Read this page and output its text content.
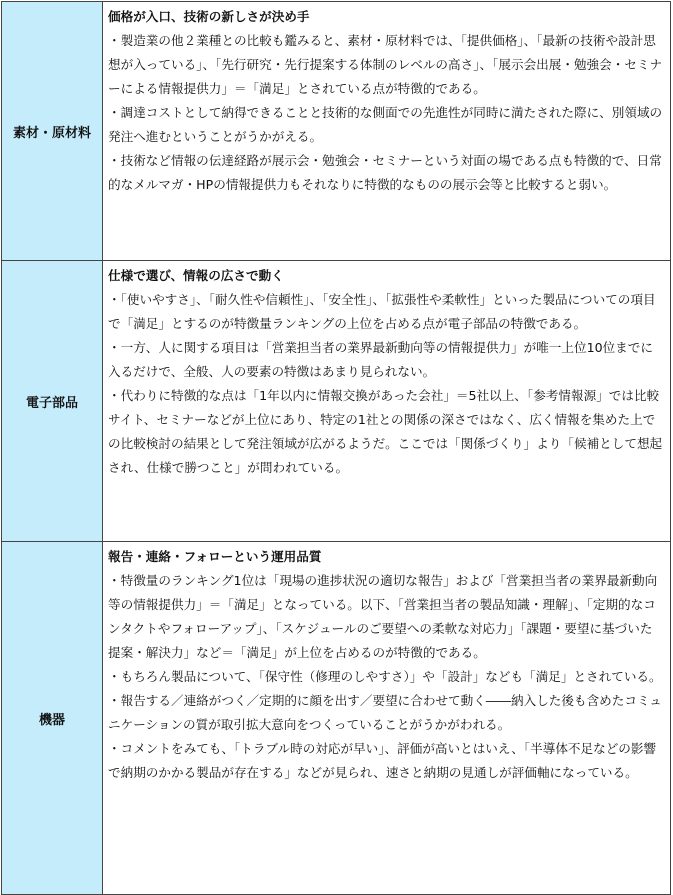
素材・原材料	価格が入口、技術の新しさが決め手
・製造業の他２業種との比較も鑑みると、素材・原材料では、「提供価格」、「最新の技術や設計思想が入っている」、「先行研究・先行提案する体制のレベルの高さ」、「展示会出展・勉強会・セミナーによる情報提供力」＝「満足」とされている点が特徴的である。
・調達コストとして納得できることと技術的な側面での先進性が同時に満たされた際に、別領域の発注へ進むということがうかがえる。
・技術など情報の伝達経路が展示会・勉強会・セミナーという対面の場である点も特徴的で、日常的なメルマガ・HPの情報提供力もそれなりに特徴的なものの展示会等と比較すると弱い。

電子部品	仕様で選び、情報の広さで動く
・「使いやすさ」、「耐久性や信頼性」、「安全性」、「拡張性や柔軟性」といった製品についての項目で「満足」とするのが特徴量ランキングの上位を占める点が電子部品の特徴である。
・一方、人に関する項目は「営業担当者の業界最新動向等の情報提供力」が唯一上位10位までに入るだけで、全般、人の要素の特徴はあまり見られない。
・代わりに特徴的な点は「1年以内に情報交換があった会社」＝5社以上、「参考情報源」では比較サイト、セミナーなどが上位にあり、特定の1社との関係の深さではなく、広く情報を集めた上での比較検討の結果として発注領域が広がるようだ。ここでは「関係づくり」より「候補として想起され、仕様で勝つこと」が問われている。

機器	報告・連絡・フォローという運用品質
・特徴量のランキング1位は「現場の進捗状況の適切な報告」および「営業担当者の業界最新動向等の情報提供力」＝「満足」となっている。以下、「営業担当者の製品知識・理解」、「定期的なコンタクトやフォローアップ」、「スケジュールのご要望への柔軟な対応力」「課題・要望に基づいた提案・解決力」など＝「満足」が上位を占めるのが特徴的である。
・もちろん製品について、「保守性（修理のしやすさ）」や「設計」なども「満足」とされている。
・報告する／連絡がつく／定期的に顔を出す／要望に合わせて動く――納入した後も含めたコミュニケーションの質が取引拡大意向をつくっていることがうかがわれる。
・コメントをみても、「トラブル時の対応が早い」、評価が高いとはいえ、「半導体不足などの影響で納期のかかる製品が存在する」などが見られ、速さと納期の見通しが評価軸になっている。
